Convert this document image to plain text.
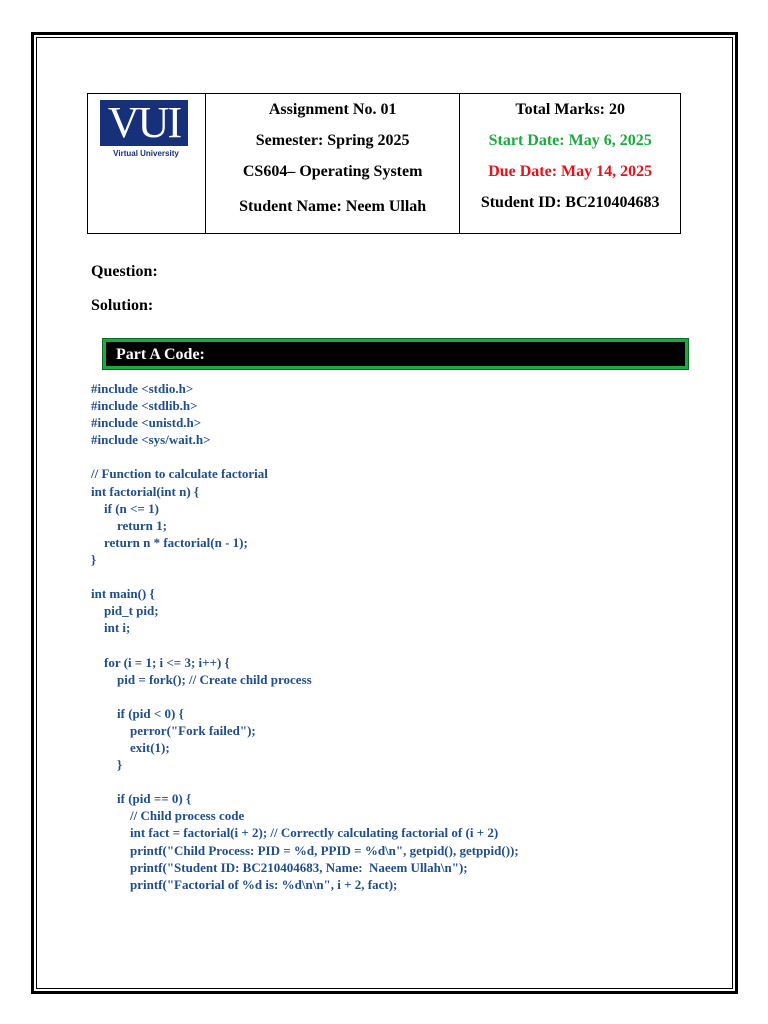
VUI
Virtual University

Assignment No. 01
Semester: Spring 2025
CS604– Operating System
Student Name: Neem Ullah

Total Marks: 20
Start Date: May 6, 2025
Due Date: May 14, 2025
Student ID: BC210404683
Question:
Solution:
Part A Code:
#include <stdio.h>
#include <stdlib.h>
#include <unistd.h>
#include <sys/wait.h>
// Function to calculate factorial
int factorial(int n) {
if (n <= 1)
return 1;
return n * factorial(n - 1);
}
int main() {
pid_t pid;
int i;
for (i = 1; i <= 3; i++) {
pid = fork(); // Create child process
if (pid < 0) {
perror("Fork failed");
exit(1);
}
if (pid == 0) {
// Child process code
int fact = factorial(i + 2); // Correctly calculating factorial of (i + 2)
printf("Child Process: PID = %d, PPID = %d\n", getpid(), getppid());
printf("Student ID: BC210404683, Name:  Naeem Ullah\n");
printf("Factorial of %d is: %d\n\n", i + 2, fact);
